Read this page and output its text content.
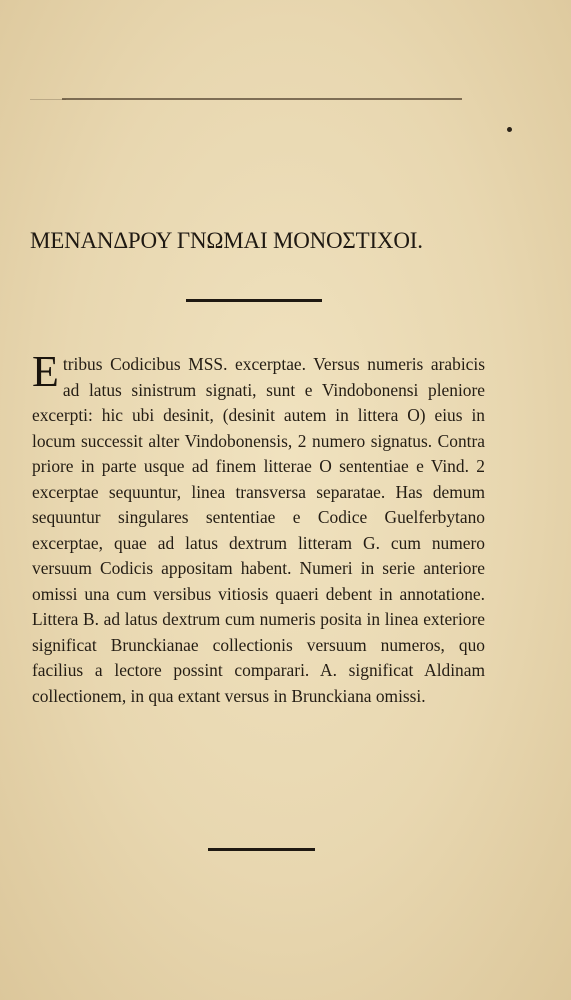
ΜΕΝΑΝΔΡΟΥ ΓΝΩΜΑΙ ΜΟΝΟΣΤΙΧΟΙ.

E tribus Codicibus MSS. excerptae. Versus numeris arabicis ad latus sinistrum signati, sunt e Vindobonensi pleniore excerpti: hic ubi desinit, (desinit autem in littera O) eius in locum successit alter Vindobonensis, 2 numero signatus. Contra priore in parte usque ad finem litterae O sententiae e Vind. 2 excerptae sequuntur, linea transversa separatae. Has demum sequuntur singulares sententiae e Codice Guelferbytano excerptae, quae ad latus dextrum litteram G. cum numero versuum Codicis appositam habent. Numeri in serie anteriore omissi una cum versibus vitiosis quaeri debent in annotatione. Littera B. ad latus dextrum cum numeris posita in linea exteriore significat Brunckianae collectionis versuum numeros, quo facilius a lectore possint comparari. A. significat Aldinam collectionem, in qua extant versus in Brunckiana omissi.
